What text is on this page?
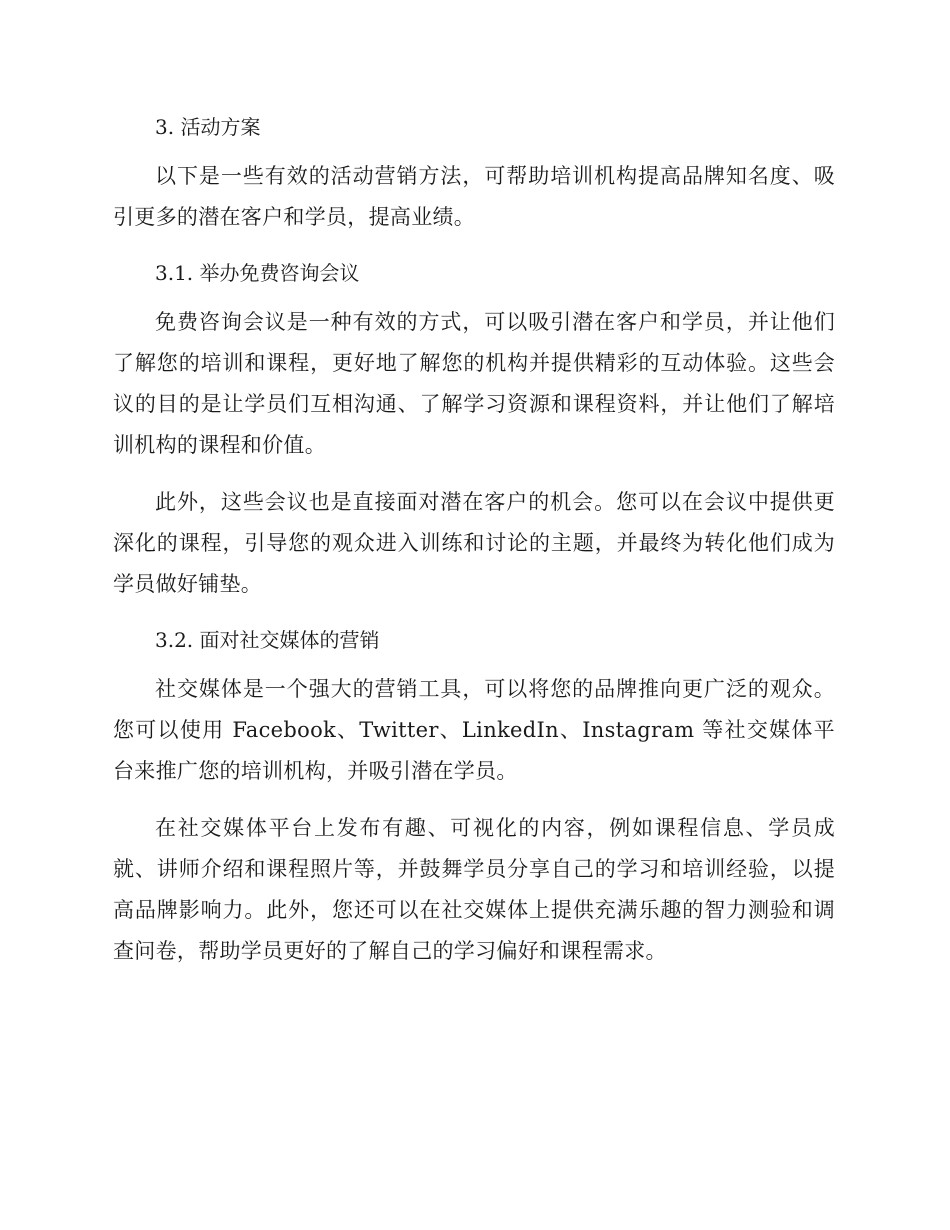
3. 活动方案

以下是一些有效的活动营销方法，可帮助培训机构提高品牌知名度、吸引更多的潜在客户和学员，提高业绩。

3.1. 举办免费咨询会议

免费咨询会议是一种有效的方式，可以吸引潜在客户和学员，并让他们了解您的培训和课程，更好地了解您的机构并提供精彩的互动体验。这些会议的目的是让学员们互相沟通、了解学习资源和课程资料，并让他们了解培训机构的课程和价值。

此外，这些会议也是直接面对潜在客户的机会。您可以在会议中提供更深化的课程，引导您的观众进入训练和讨论的主题，并最终为转化他们成为学员做好铺垫。

3.2. 面对社交媒体的营销

社交媒体是一个强大的营销工具，可以将您的品牌推向更广泛的观众。您可以使用 Facebook、Twitter、LinkedIn、Instagram 等社交媒体平台来推广您的培训机构，并吸引潜在学员。

在社交媒体平台上发布有趣、可视化的内容，例如课程信息、学员成就、讲师介绍和课程照片等，并鼓舞学员分享自己的学习和培训经验，以提高品牌影响力。此外，您还可以在社交媒体上提供充满乐趣的智力测验和调查问卷，帮助学员更好的了解自己的学习偏好和课程需求。
